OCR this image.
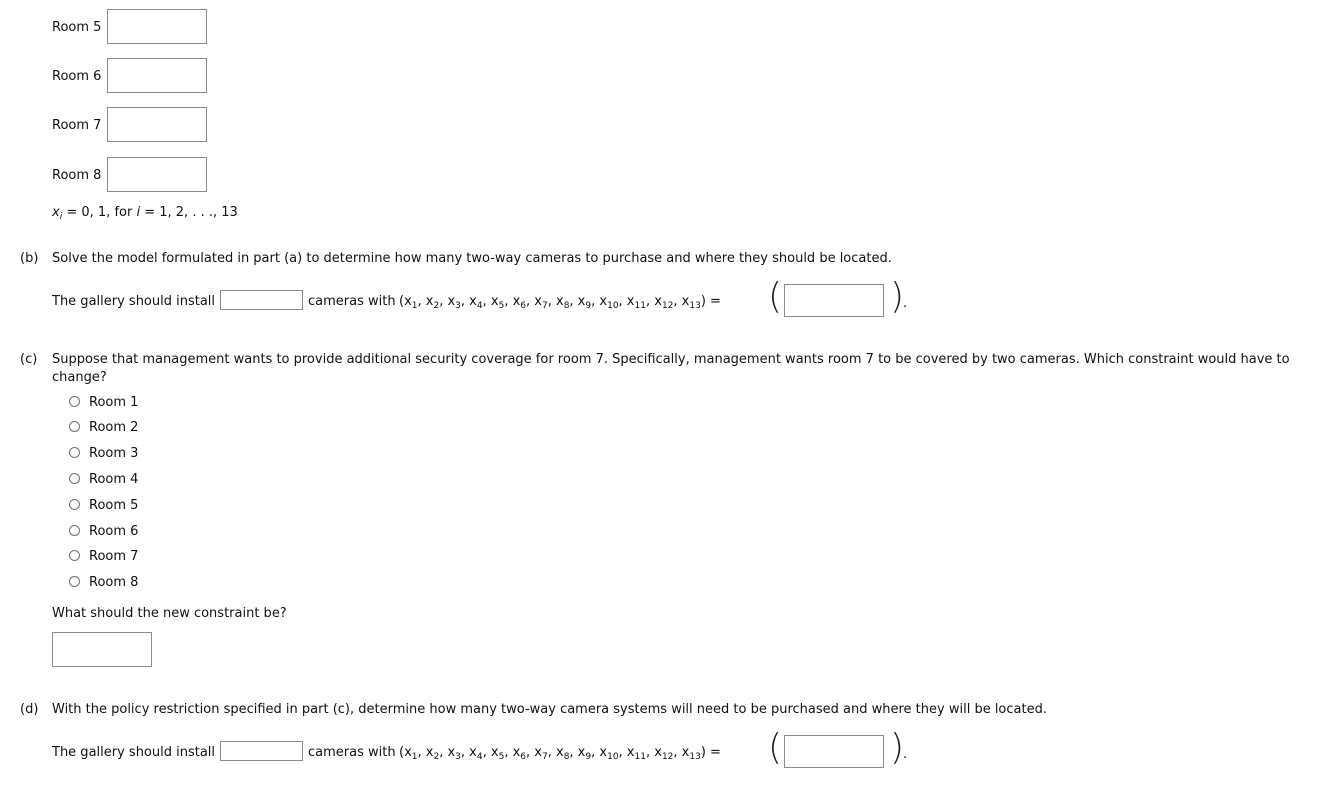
Room 5
Room 6
Room 7
Room 8
$x_i = 0$, 1, for i = 1, 2, . . ., 13
(b) Solve the model formulated in part (a) to determine how many two-way cameras to purchase and where they should be located.
The gallery should install	cameras with ($x_1$, $x_2$, $x_3$, $x_4$, $x_5$, $x_6$, $x_7$, $x_8$, $x_9$, $x_{10}$, $x_{11}$, $x_{12}$, $x_{13}$) = (	)
.
(c) Suppose that management wants to provide additional security coverage for room 7. Specifically, management wants room 7 to be covered by two cameras. Which constraint would have to
change?
Room 1
Room 2
Room 3
Room 4
Room 5
Room 6
Room 7
Room 8
What should the new constraint be?
(d) With the policy restriction specified in part (c), determine how many two-way camera systems will need to be purchased and where they will be located.
The gallery should install	cameras with ($x_1$, $x_2$, $x_3$, $x_4$, $x_5$, $x_6$, $x_7$, $x_8$, $x_9$, $x_{10}$, $x_{11}$, $x_{12}$, $x_{13}$) = (	)
.
